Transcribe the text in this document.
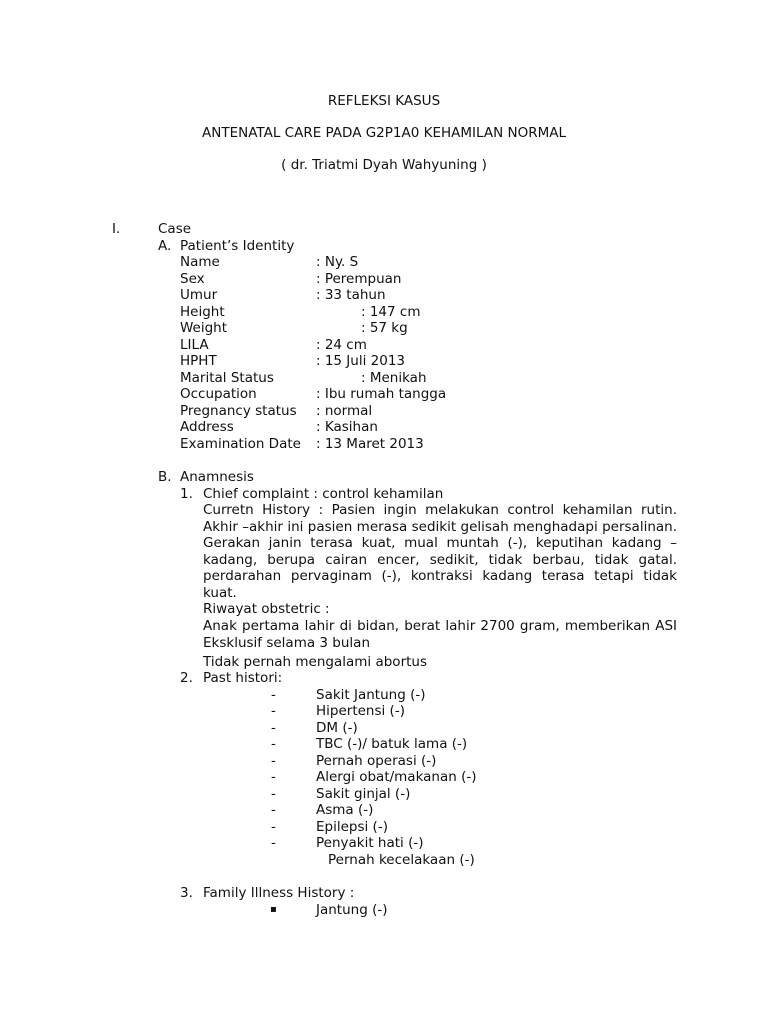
REFLEKSI KASUS
ANTENATAL CARE PADA G2P1A0 KEHAMILAN NORMAL
( dr. Triatmi Dyah Wahyuning )
I.	Case
A. Patient’s Identity
Name	: Ny. S
Sex	: Perempuan
Umur	: 33 tahun
Height	: 147 cm
Weight	: 57 kg
LILA	: 24 cm
HPHT	: 15 Juli 2013
Marital Status	: Menikah
Occupation	: Ibu rumah tangga
Pregnancy status : normal
Address	: Kasihan
Examination Date : 13 Maret 2013
B. Anamnesis
1. Chief complaint : control kehamilan
Curretn History : Pasien ingin melakukan control kehamilan rutin. Akhir –akhir ini pasien merasa sedikit gelisah menghadapi persalinan. Gerakan janin terasa kuat, mual muntah (-), keputihan kadang – kadang, berupa cairan encer, sedikit, tidak berbau, tidak gatal. perdarahan pervaginam (-), kontraksi kadang terasa tetapi tidak kuat.
Riwayat obstetric :
Anak pertama lahir di bidan, berat lahir 2700 gram, memberikan ASI Eksklusif selama 3 bulan
Tidak pernah mengalami abortus
2. Past histori:
-	Sakit Jantung (-)
-	Hipertensi (-)
-	DM (-)
-	TBC (-)/ batuk lama (-)
-	Pernah operasi (-)
-	Alergi obat/makanan (-)
-	Sakit ginjal (-)
-	Asma (-)
-	Epilepsi (-)
-	Penyakit hati (-)
Pernah kecelakaan (-)
3. Family Illness History :
▪	Jantung (-)
